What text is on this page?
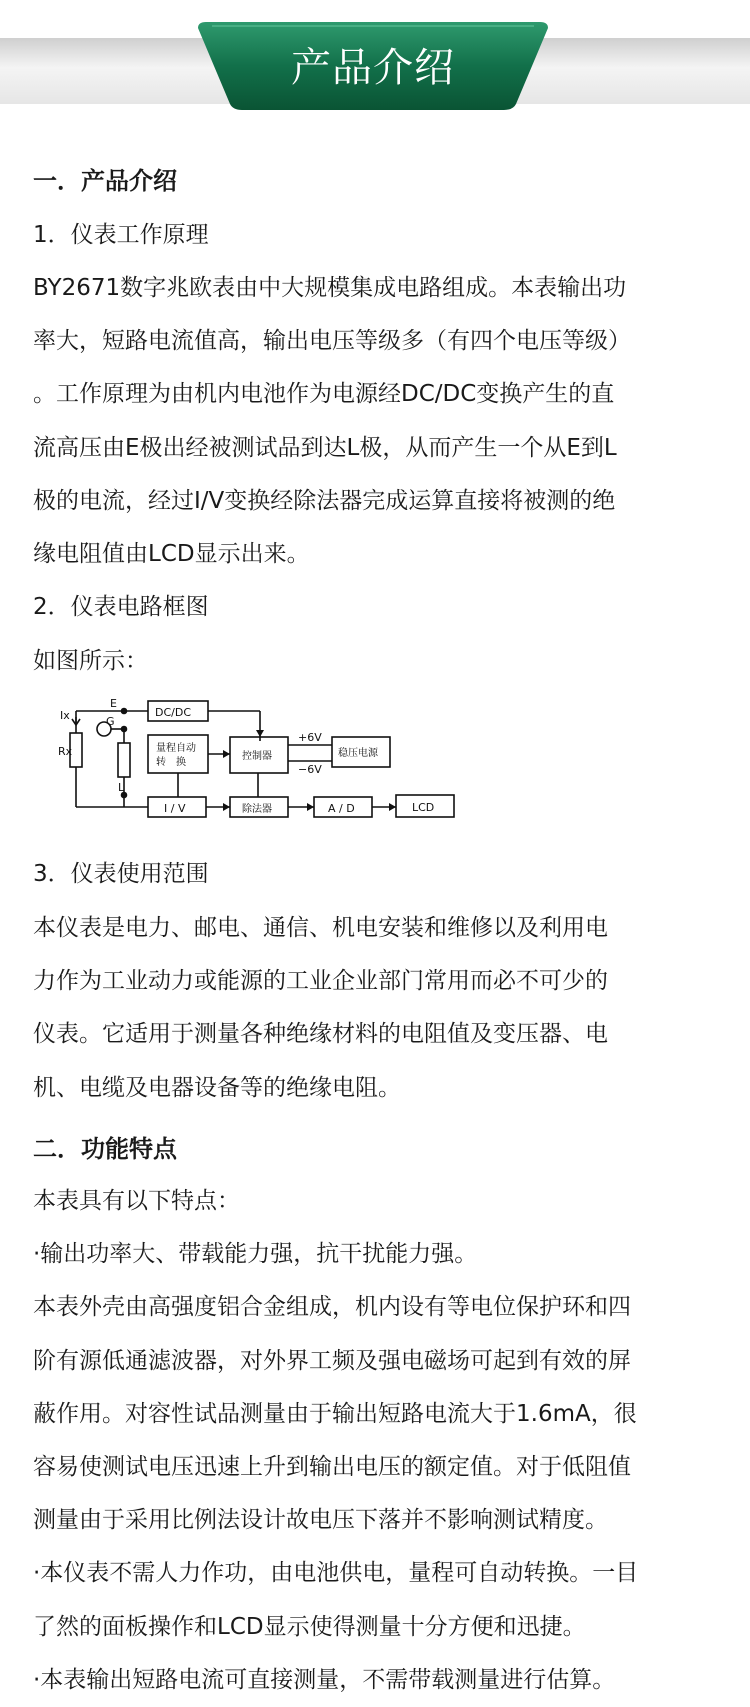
产品介绍
一．产品介绍
1．仪表工作原理
BY2671数字兆欧表由中大规模集成电路组成。本表输出功
率大，短路电流值高，输出电压等级多（有四个电压等级）
。工作原理为由机内电池作为电源经DC/DC变换产生的直
流高压由E极出经被测试品到达L极，从而产生一个从E到L
极的电流，经过I/V变换经除法器完成运算直接将被测的绝
缘电阻值由LCD显示出来。
2．仪表电路框图
如图所示：
E
G
L
Ix
Rx
DC/DC
量程自动
转　换
控制器
+6V
−6V
稳压电源
I / V	除法器	A / D	LCD
3．仪表使用范围
本仪表是电力、邮电、通信、机电安装和维修以及利用电
力作为工业动力或能源的工业企业部门常用而必不可少的
仪表。它适用于测量各种绝缘材料的电阻值及变压器、电
机、电缆及电器设备等的绝缘电阻。
二．功能特点
本表具有以下特点：
·输出功率大、带载能力强，抗干扰能力强。
本表外壳由高强度铝合金组成，机内设有等电位保护环和四
阶有源低通滤波器，对外界工频及强电磁场可起到有效的屏
蔽作用。对容性试品测量由于输出短路电流大于1.6mA，很
容易使测试电压迅速上升到输出电压的额定值。对于低阻值
测量由于采用比例法设计故电压下落并不影响测试精度。
·本仪表不需人力作功，由电池供电，量程可自动转换。一目
了然的面板操作和LCD显示使得测量十分方便和迅捷。
·本表输出短路电流可直接测量，不需带载测量进行估算。
